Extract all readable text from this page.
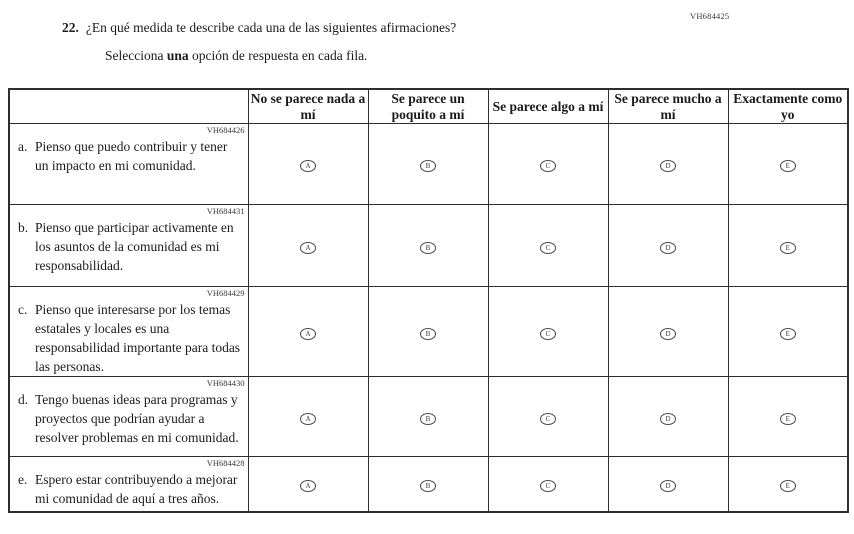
VH684425
22. ¿En qué medida te describe cada una de las siguientes afirmaciones?
Selecciona una opción de respuesta en cada fila.
	No se parece nada a mí	Se parece un poquito a mí	Se parece algo a mí	Se parece mucho a mí	Exactamente como yo

VH684426
a. Pienso que puedo contribuir y tener un impacto en mi comunidad.	A	B	C	D	E

VH684431
b. Pienso que participar activamente en los asuntos de la comunidad es mi responsabilidad.	A	B	C	D	E

VH684429
c. Pienso que interesarse por los temas estatales y locales es una responsabilidad importante para todas las personas.	A	B	C	D	E

VH684430
d. Tengo buenas ideas para programas y proyectos que podrían ayudar a resolver problemas en mi comunidad.	A	B	C	D	E

VH684428
e. Espero estar contribuyendo a mejorar mi comunidad de aquí a tres años.	A	B	C	D	E
